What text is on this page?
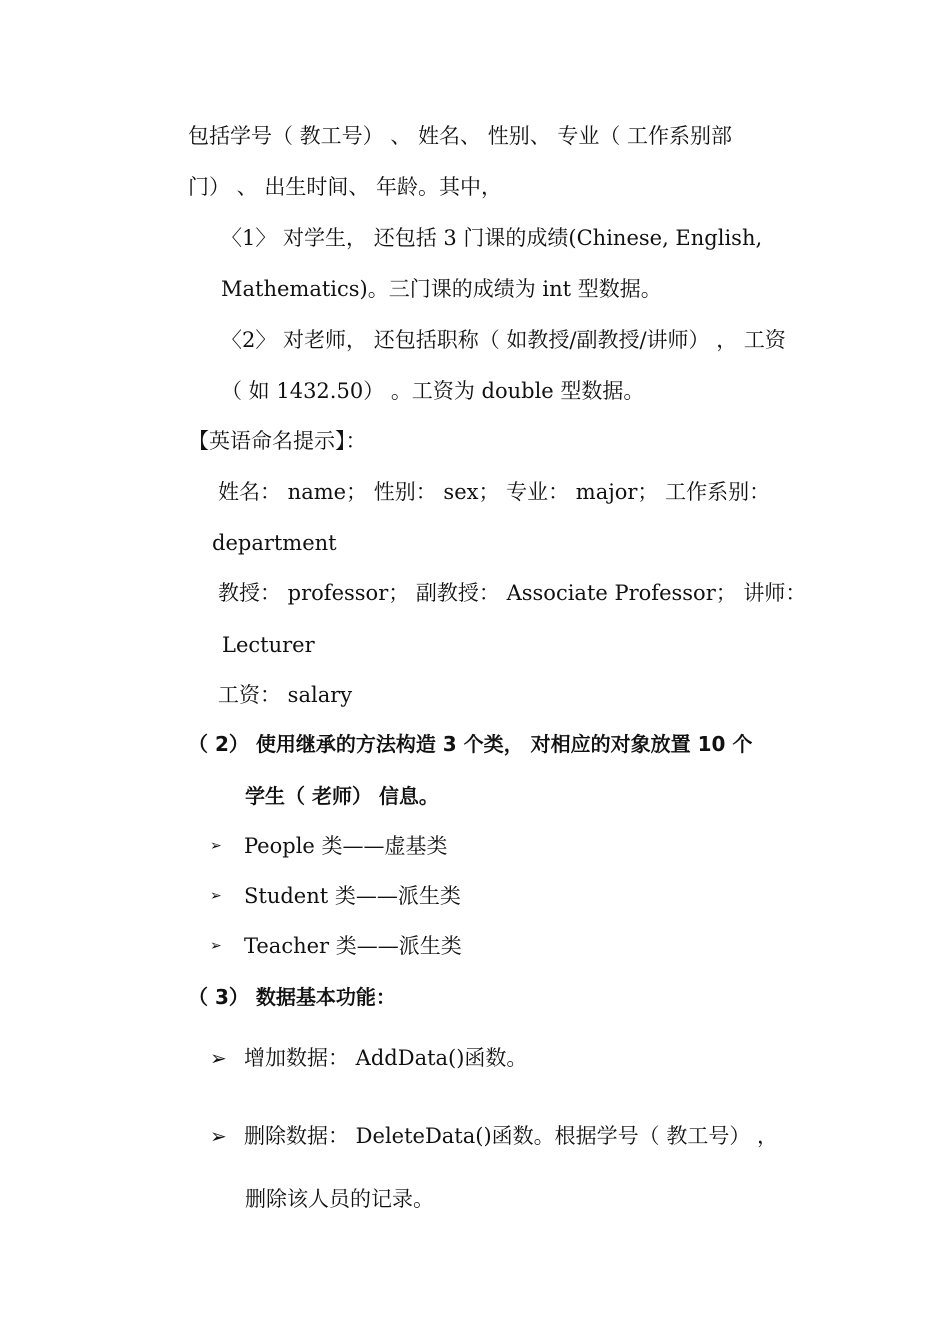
包括学号（ 教工号） 、 姓名、 性别、 专业（ 工作系别部
门） 、 出生时间、 年龄。其中，
〈1〉 对学生， 还包括 3 门课的成绩(Chinese, English,
Mathematics)。三门课的成绩为 int 型数据。
〈2〉 对老师， 还包括职称（ 如教授/副教授/讲师） ， 工资
（ 如 1432.50） 。工资为 double 型数据。
【英语命名提示】：
姓名： name； 性别： sex； 专业： major； 工作系别：
department
教授： professor； 副教授： Associate Professor； 讲师：
Lecturer
工资： salary
（ 2） 使用继承的方法构造 3 个类， 对相应的对象放置 10 个
学生（ 老师） 信息。
➢ People 类——虚基类
➢ Student 类——派生类
➢ Teacher 类——派生类
（ 3） 数据基本功能：
➢ 增加数据： AddData()函数。
➢ 删除数据： DeleteData()函数。根据学号（ 教工号） ，
删除该人员的记录。
